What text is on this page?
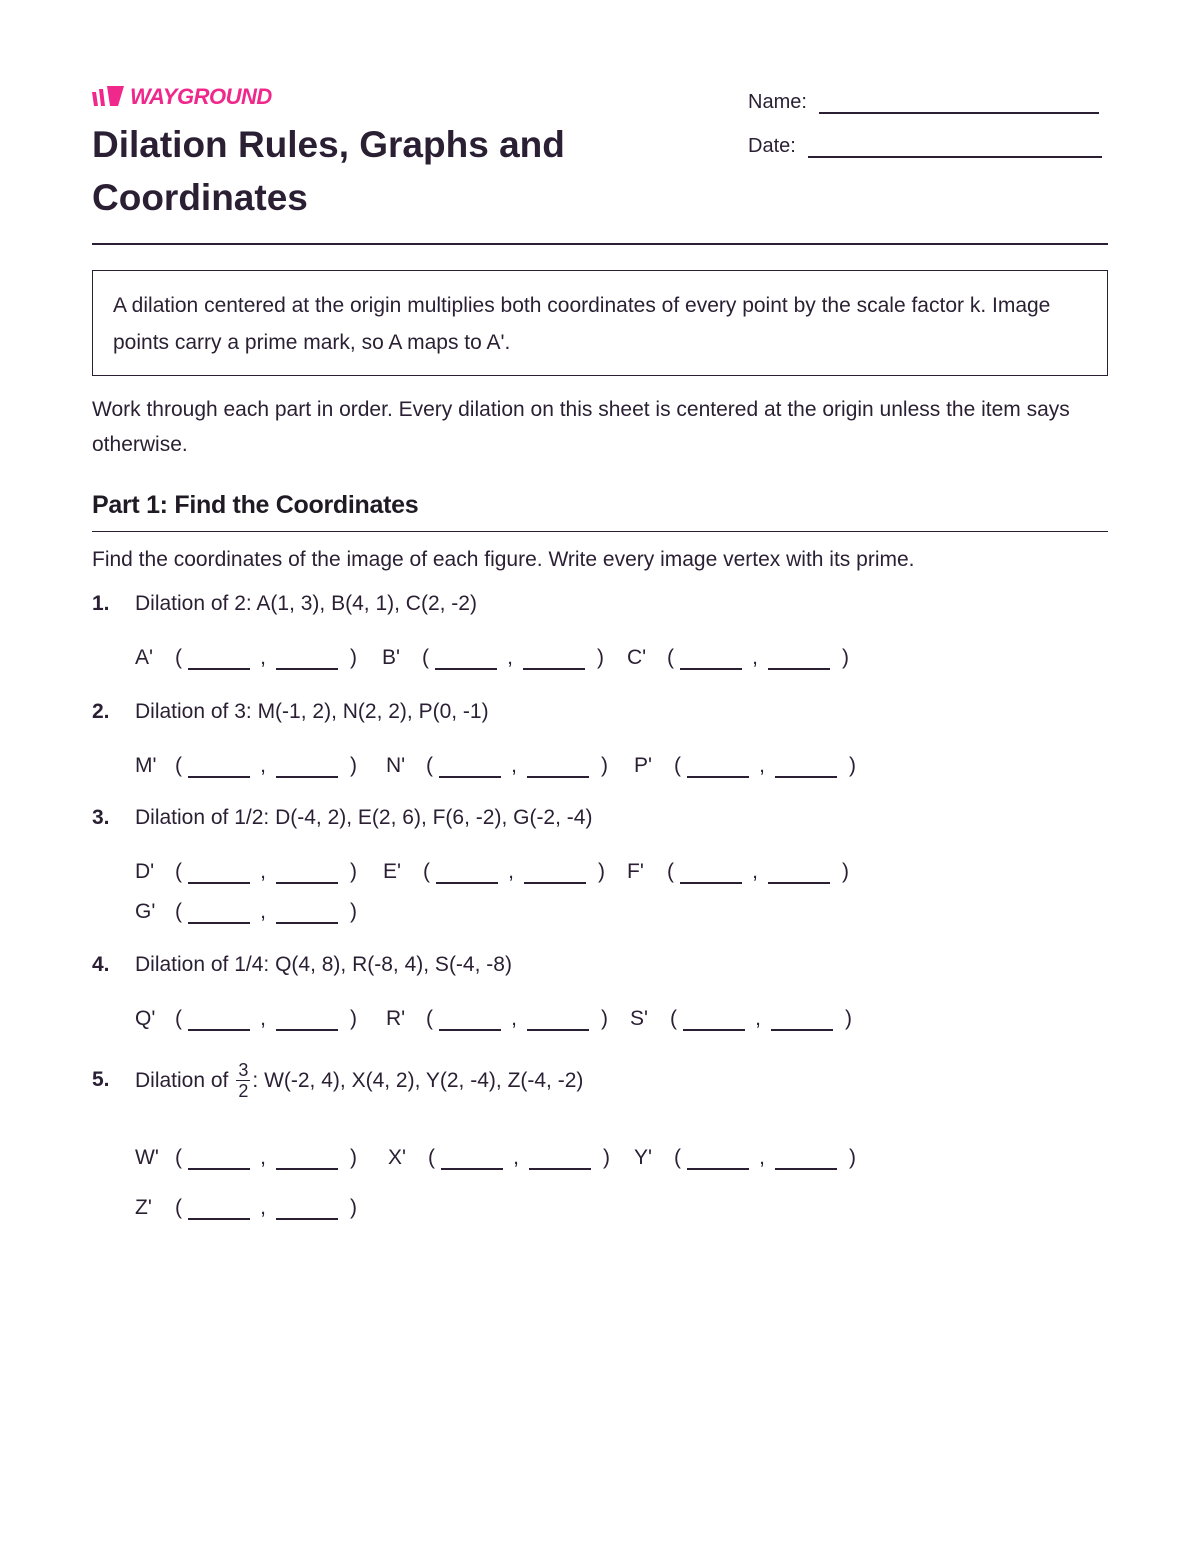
WAYGROUND
Dilation Rules, Graphs and Coordinates
Name:
Date:
A dilation centered at the origin multiplies both coordinates of every point by the scale factor k. Image points carry a prime mark, so A maps to A'.
Work through each part in order. Every dilation on this sheet is centered at the origin unless the item says otherwise.
Part 1: Find the Coordinates
Find the coordinates of the image of each figure. Write every image vertex with its prime.
1. Dilation of 2: A(1, 3), B(4, 1), C(2, -2)
A'	(	,	) B'	(	,	) C' (	,	)
2. Dilation of 3: M(-1, 2), N(2, 2), P(0, -1)
M' (	,	) N' (	,	) P'	(	,	)
3. Dilation of 1/2: D(-4, 2), E(2, 6), F(6, -2), G(-2, -4)
D' (	,	) E'	(	,	) F'	(	,	)
G' (	,	)
4. Dilation of 1/4: Q(4, 8), R(-8, 4), S(-4, -8)
Q' (	,	) R' (	,	) S'	(	,	)
5. Dilation of $\frac{3}{2}$ : W(-2, 4), X(4, 2), Y(2, -4), Z(-4, -2)
W' (	,	) X'	(	,	) Y'	(	,	)
Z'	(	,	)
